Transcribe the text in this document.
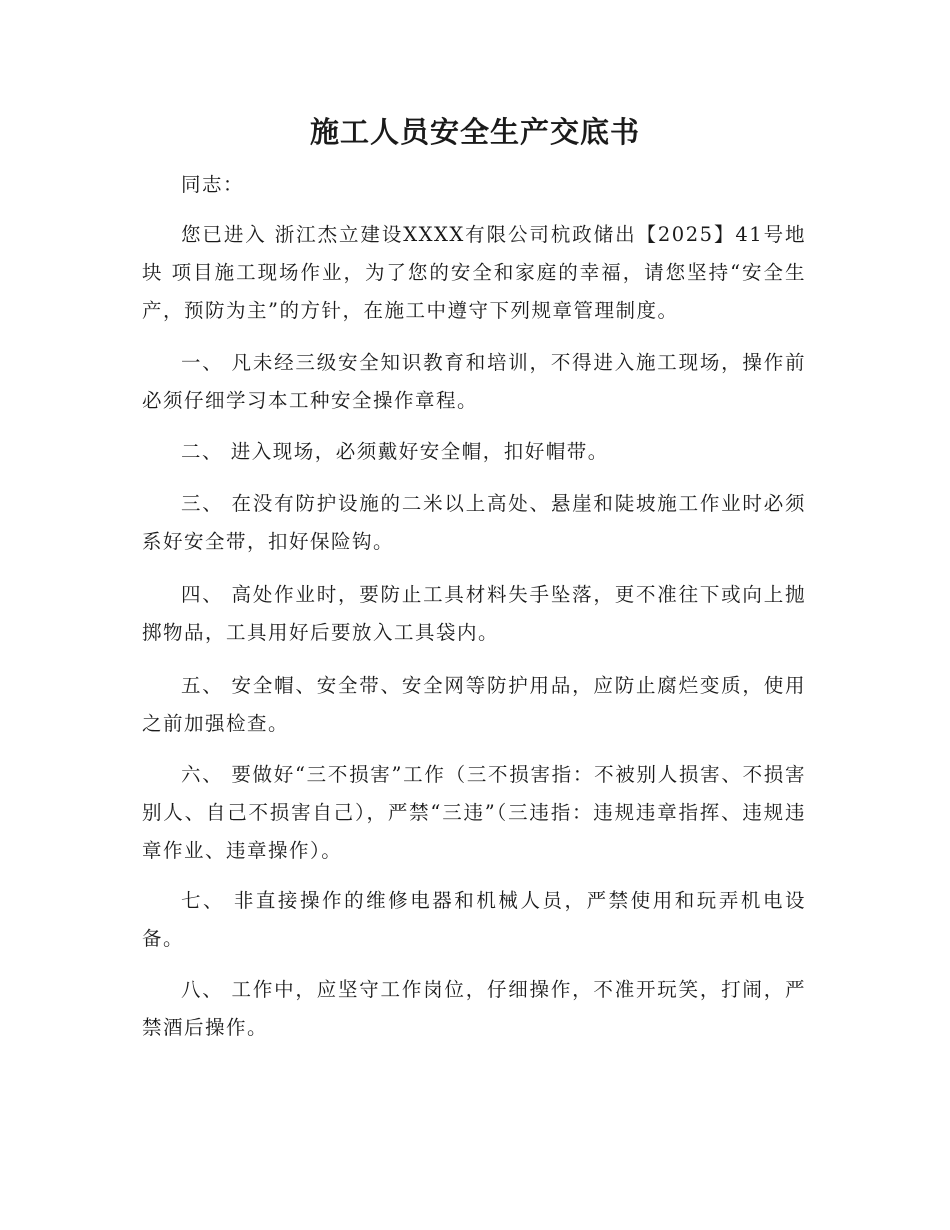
施工人员安全生产交底书

同志：

您已进入 浙江杰立建设XXXX有限公司杭政储出【2025】41号地块 项目施工现场作业，为了您的安全和家庭的幸福，请您坚持“安全生产，预防为主”的方针，在施工中遵守下列规章管理制度。

一、 凡未经三级安全知识教育和培训，不得进入施工现场，操作前必须仔细学习本工种安全操作章程。

二、 进入现场，必须戴好安全帽，扣好帽带。

三、 在没有防护设施的二米以上高处、悬崖和陡坡施工作业时必须系好安全带，扣好保险钩。

四、 高处作业时，要防止工具材料失手坠落，更不准往下或向上抛掷物品，工具用好后要放入工具袋内。

五、 安全帽、安全带、安全网等防护用品，应防止腐烂变质，使用之前加强检查。

六、 要做好“三不损害”工作（三不损害指：不被别人损害、不损害别人、自己不损害自己），严禁“三违”（三违指：违规违章指挥、违规违章作业、违章操作）。

七、 非直接操作的维修电器和机械人员，严禁使用和玩弄机电设备。

八、 工作中，应坚守工作岗位，仔细操作，不准开玩笑，打闹，严禁酒后操作。
